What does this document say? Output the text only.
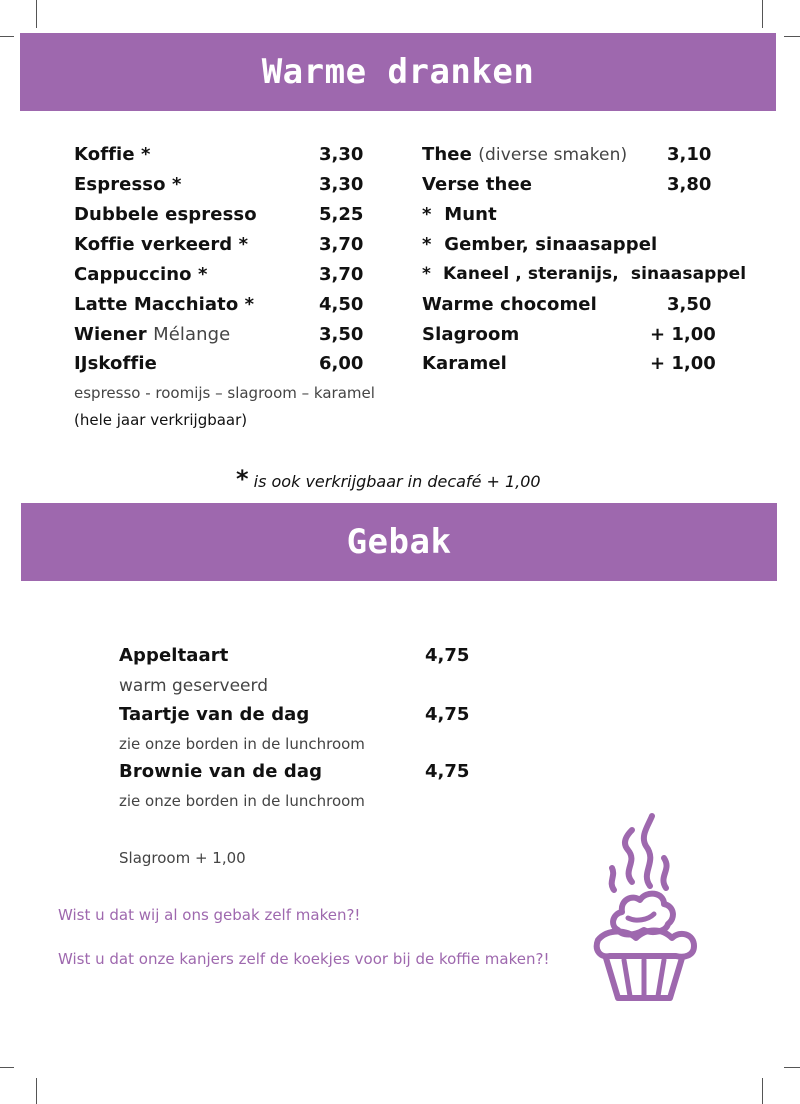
Warme dranken
Koffie *	3,30
Espresso *	3,30
Dubbele espresso	5,25
Koffie verkeerd *	3,70
Cappuccino *	3,70
Latte Macchiato *	4,50
Wiener Mélange	3,50
IJskoffie	6,00
espresso - roomijs – slagroom – karamel
(hele jaar verkrijgbaar)
Thee (diverse smaken) 3,10
Verse thee	3,80
*  Munt
*  Gember, sinaasappel
*  Kaneel , steranijs,  sinaasappel
Warme chocomel	3,50
Slagroom	+ 1,00
Karamel	+ 1,00
* is ook verkrijgbaar in decafé + 1,00
Gebak
Appeltaart	4,75
warm geserveerd
Taartje van de dag	4,75
zie onze borden in de lunchroom
Brownie van de dag	4,75
zie onze borden in de lunchroom
Slagroom + 1,00
Wist u dat wij al ons gebak zelf maken?!
Wist u dat onze kanjers zelf de koekjes voor bij de koffie maken?!
